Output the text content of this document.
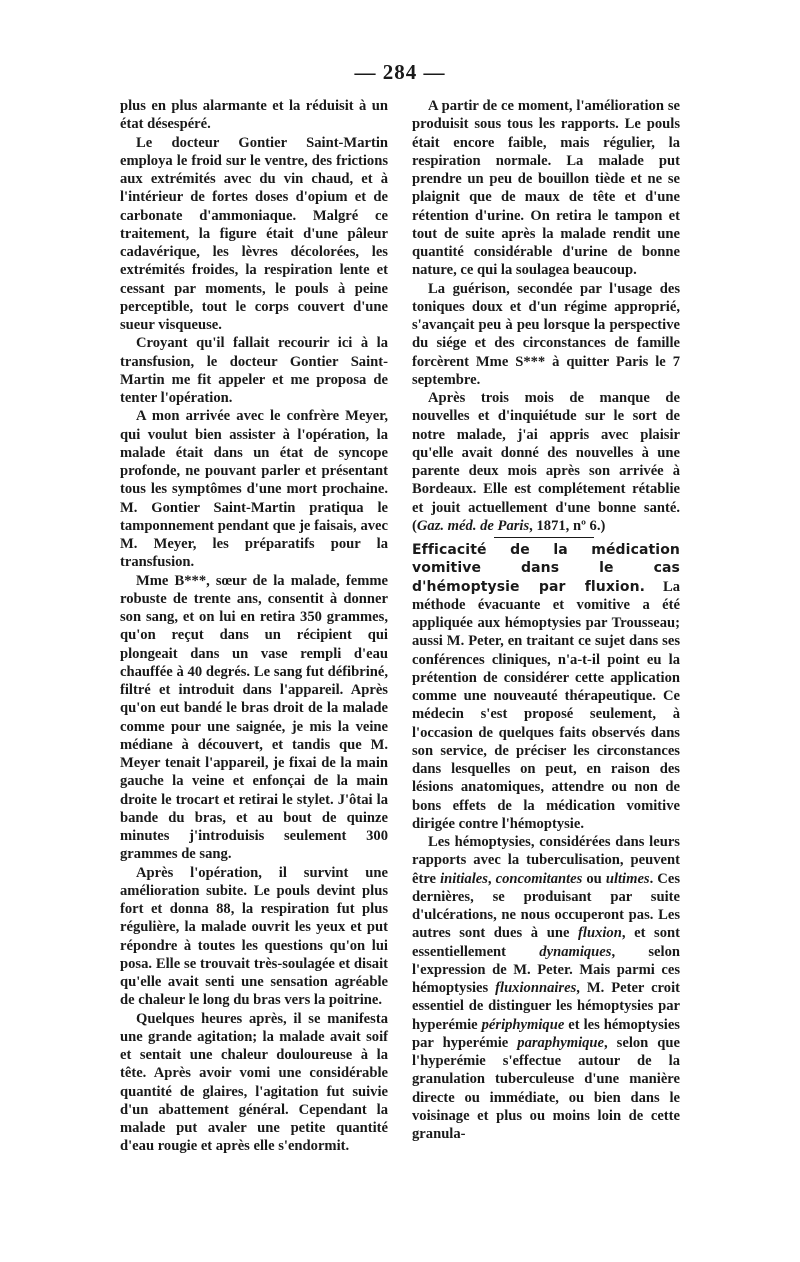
— 284 —

plus en plus alarmante et la réduisit à un état désespéré.

Le docteur Gontier Saint-Martin employa le froid sur le ventre, des frictions aux extrémités avec du vin chaud, et à l'intérieur de fortes doses d'opium et de carbonate d'ammoniaque. Malgré ce traitement, la figure était d'une pâleur cadavérique, les lèvres décolorées, les extrémités froides, la respiration lente et cessant par moments, le pouls à peine perceptible, tout le corps couvert d'une sueur visqueuse.

Croyant qu'il fallait recourir ici à la transfusion, le docteur Gontier Saint-Martin me fit appeler et me proposa de tenter l'opération.

A mon arrivée avec le confrère Meyer, qui voulut bien assister à l'opération, la malade était dans un état de syncope profonde, ne pouvant parler et présentant tous les symptômes d'une mort prochaine. M. Gontier Saint-Martin pratiqua le tamponnement pendant que je faisais, avec M. Meyer, les préparatifs pour la transfusion.

Mme B***, sœur de la malade, femme robuste de trente ans, consentit à donner son sang, et on lui en retira 350 grammes, qu'on reçut dans un récipient qui plongeait dans un vase rempli d'eau chauffée à 40 degrés. Le sang fut défibriné, filtré et introduit dans l'appareil. Après qu'on eut bandé le bras droit de la malade comme pour une saignée, je mis la veine médiane à découvert, et tandis que M. Meyer tenait l'appareil, je fixai de la main gauche la veine et enfonçai de la main droite le trocart et retirai le stylet. J'ôtai la bande du bras, et au bout de quinze minutes j'introduisis seulement 300 grammes de sang.

Après l'opération, il survint une amélioration subite. Le pouls devint plus fort et donna 88, la respiration fut plus régulière, la malade ouvrit les yeux et put répondre à toutes les questions qu'on lui posa. Elle se trouvait très-soulagée et disait qu'elle avait senti une sensation agréable de chaleur le long du bras vers la poitrine.

Quelques heures après, il se manifesta une grande agitation; la malade avait soif et sentait une chaleur douloureuse à la tête. Après avoir vomi une considérable quantité de glaires, l'agitation fut suivie d'un abattement général. Cependant la malade put avaler une petite quantité d'eau rougie et après elle s'endormit.

A partir de ce moment, l'amélioration se produisit sous tous les rapports. Le pouls était encore faible, mais régulier, la respiration normale. La malade put prendre un peu de bouillon tiède et ne se plaignit que de maux de tête et d'une rétention d'urine. On retira le tampon et tout de suite après la malade rendit une quantité considérable d'urine de bonne nature, ce qui la soulagea beaucoup.

La guérison, secondée par l'usage des toniques doux et d'un régime approprié, s'avançait peu à peu lorsque la perspective du siége et des circonstances de famille forcèrent Mme S*** à quitter Paris le 7 septembre.

Après trois mois de manque de nouvelles et d'inquiétude sur le sort de notre malade, j'ai appris avec plaisir qu'elle avait donné des nouvelles à une parente deux mois après son arrivée à Bordeaux. Elle est complétement rétablie et jouit actuellement d'une bonne santé. (Gaz. méd. de Paris, 1871, nº 6.)

Efficacité de la médication vomitive dans le cas d'hémoptysie par fluxion. La méthode évacuante et vomitive a été appliquée aux hémoptysies par Trousseau; aussi M. Peter, en traitant ce sujet dans ses conférences cliniques, n'a-t-il point eu la prétention de considérer cette application comme une nouveauté thérapeutique. Ce médecin s'est proposé seulement, à l'occasion de quelques faits observés dans son service, de préciser les circonstances dans lesquelles on peut, en raison des lésions anatomiques, attendre ou non de bons effets de la médication vomitive dirigée contre l'hémoptysie.

Les hémoptysies, considérées dans leurs rapports avec la tuberculisation, peuvent être initiales, concomitantes ou ultimes. Ces dernières, se produisant par suite d'ulcérations, ne nous occuperont pas. Les autres sont dues à une fluxion, et sont essentiellement dynamiques, selon l'expression de M. Peter. Mais parmi ces hémoptysies fluxionnaires, M. Peter croit essentiel de distinguer les hémoptysies par hyperémie périphymique et les hémoptysies par hyperémie paraphymique, selon que l'hyperémie s'effectue autour de la granulation tuberculeuse d'une manière directe ou immédiate, ou bien dans le voisinage et plus ou moins loin de cette granula-
